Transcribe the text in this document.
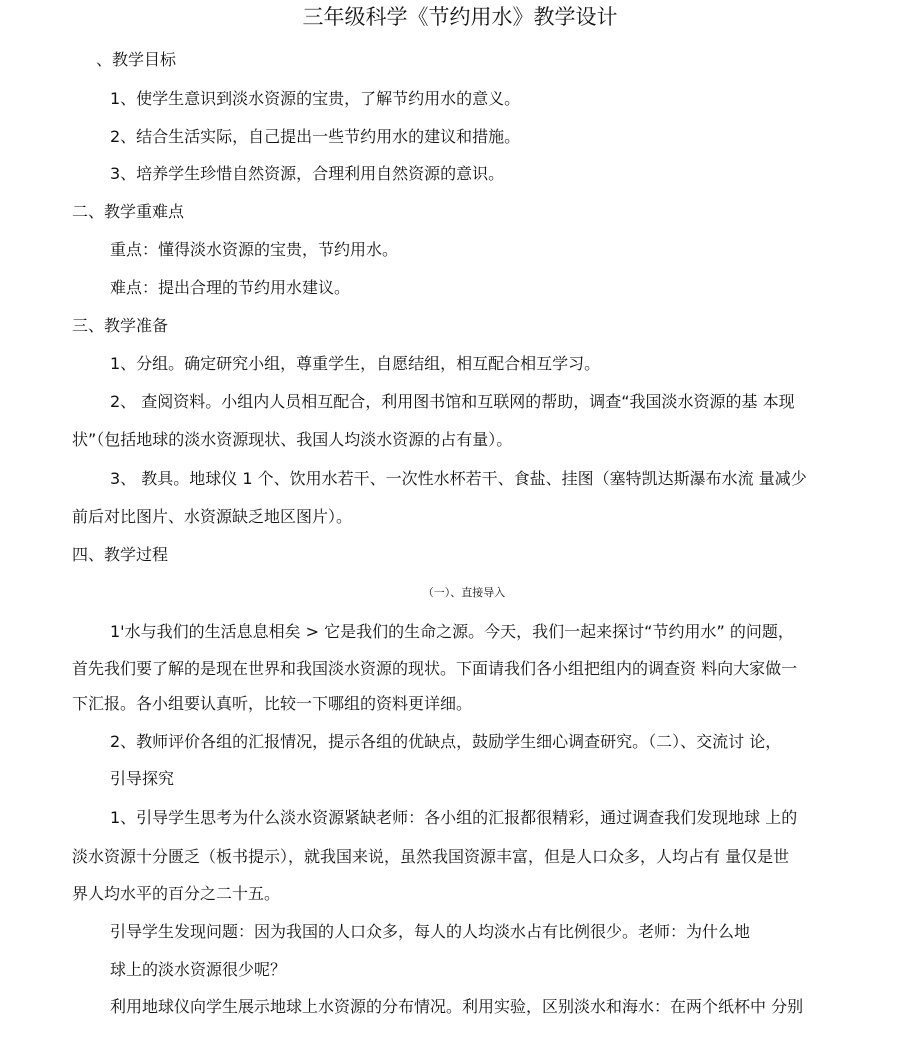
三年级科学《节约用水》教学设计
、教学目标
1、使学生意识到淡水资源的宝贵，了解节约用水的意义。
2、结合生活实际，自己提出一些节约用水的建议和措施。
3、培养学生珍惜自然资源，合理利用自然资源的意识。
二、教学重难点
重点：懂得淡水资源的宝贵，节约用水。
难点：提出合理的节约用水建议。
三、教学准备
1、分组。确定研究小组，尊重学生，自愿结组，相互配合相互学习。
2、 查阅资料。小组内人员相互配合，利用图书馆和互联网的帮助，调查“我国淡水资源的基 本现
状”（包括地球的淡水资源现状、我国人均淡水资源的占有量）。
3、 教具。地球仪 1 个、饮用水若干、一次性水杯若干、食盐、挂图（塞特凯达斯瀑布水流 量减少
前后对比图片、水资源缺乏地区图片）。
四、教学过程
（一）、直接导入
1'水与我们的生活息息相矣 > 它是我们的生命之源。今天，我们一起来探讨“节约用水” 的问题，
首先我们要了解的是现在世界和我国淡水资源的现状。下面请我们各小组把组内的调查资 料向大家做一
下汇报。各小组要认真听，比较一下哪组的资料更详细。
2、教师评价各组的汇报情况，提示各组的优缺点，鼓励学生细心调查研究。（二）、交流讨 论，
引导探究
1、引导学生思考为什么淡水资源紧缺老师：各小组的汇报都很精彩，通过调查我们发现地球 上的
淡水资源十分匮乏（板书提示），就我国来说，虽然我国资源丰富，但是人口众多，人均占有 量仅是世
界人均水平的百分之二十五。
引导学生发现问题：因为我国的人口众多，每人的人均淡水占有比例很少。老师：为什么地
球上的淡水资源很少呢？
利用地球仪向学生展示地球上水资源的分布情况。利用实验，区别淡水和海水：在两个纸杯中 分别
